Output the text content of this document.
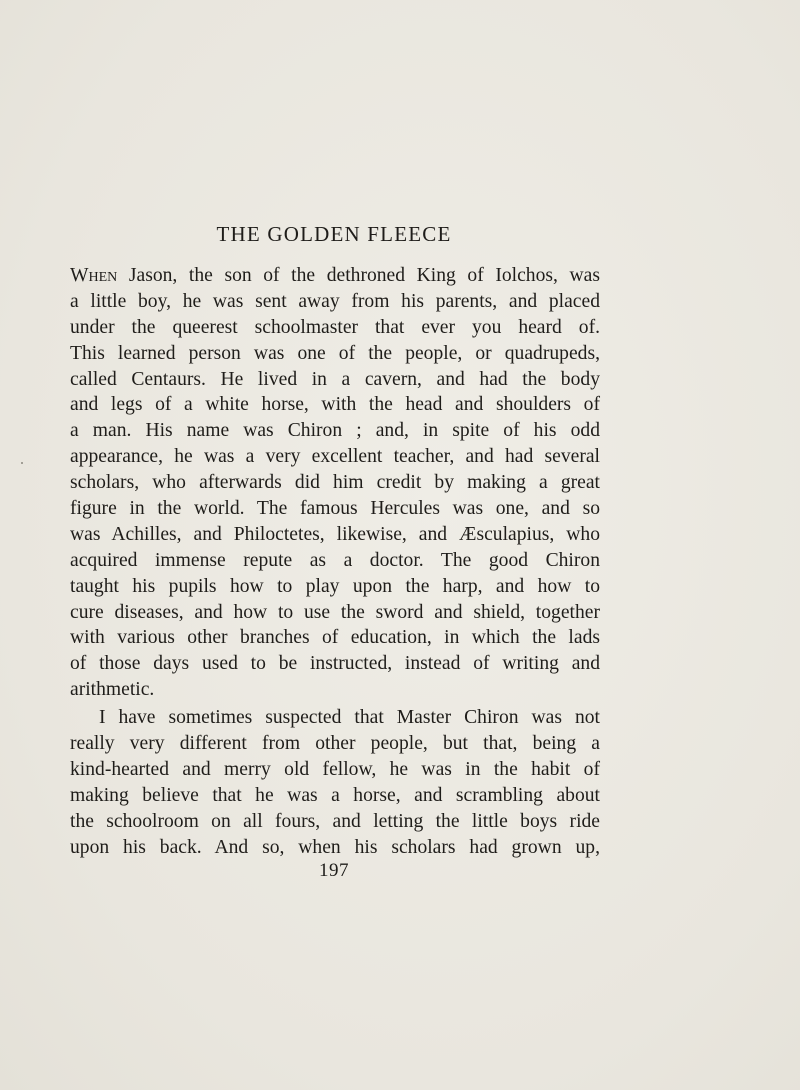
THE GOLDEN FLEECE
When Jason, the son of the dethroned King of Iolchos, was
a little boy, he was sent away from his parents, and placed
under the queerest schoolmaster that ever you heard of.
This learned person was one of the people, or quadrupeds,
called Centaurs. He lived in a cavern, and had the body
and legs of a white horse, with the head and shoulders of
a man. His name was Chiron ; and, in spite of his odd
appearance, he was a very excellent teacher, and had several
scholars, who afterwards did him credit by making a great
figure in the world. The famous Hercules was one, and so
was Achilles, and Philoctetes, likewise, and Æsculapius, who
acquired immense repute as a doctor. The good Chiron
taught his pupils how to play upon the harp, and how to
cure diseases, and how to use the sword and shield, together
with various other branches of education, in which the lads
of those days used to be instructed, instead of writing and
arithmetic.
I have sometimes suspected that Master Chiron was not
really very different from other people, but that, being a
kind-hearted and merry old fellow, he was in the habit of
making believe that he was a horse, and scrambling about
the schoolroom on all fours, and letting the little boys ride
upon his back. And so, when his scholars had grown up,
197
